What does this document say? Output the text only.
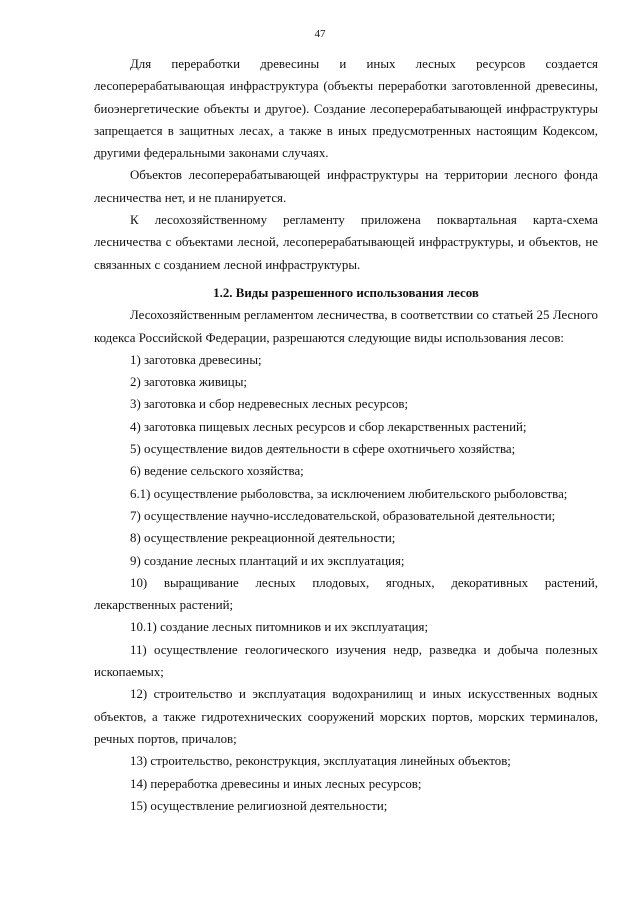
47

Для переработки древесины и иных лесных ресурсов создается лесоперерабатывающая инфраструктура (объекты переработки заготовленной древесины, биоэнергетические объекты и другое). Создание лесоперерабатывающей инфраструктуры запрещается в защитных лесах, а также в иных предусмотренных настоящим Кодексом, другими федеральными законами случаях.

Объектов лесоперерабатывающей инфраструктуры на территории лесного фонда лесничества нет, и не планируется.

К лесохозяйственному регламенту приложена поквартальная карта-схема лесничества с объектами лесной, лесоперерабатывающей инфраструктуры, и объектов, не связанных с созданием лесной инфраструктуры.

1.2. Виды разрешенного использования лесов

Лесохозяйственным регламентом лесничества, в соответствии со статьей 25 Лесного кодекса Российской Федерации, разрешаются следующие виды использования лесов:

1) заготовка древесины;

2) заготовка живицы;

3) заготовка и сбор недревесных лесных ресурсов;

4) заготовка пищевых лесных ресурсов и сбор лекарственных растений;

5) осуществление видов деятельности в сфере охотничьего хозяйства;

6) ведение сельского хозяйства;

6.1) осуществление рыболовства, за исключением любительского рыболовства;

7) осуществление научно-исследовательской, образовательной деятельности;

8) осуществление рекреационной деятельности;

9) создание лесных плантаций и их эксплуатация;

10) выращивание лесных плодовых, ягодных, декоративных растений, лекарственных растений;

10.1) создание лесных питомников и их эксплуатация;

11) осуществление геологического изучения недр, разведка и добыча полезных ископаемых;

12) строительство и эксплуатация водохранилищ и иных искусственных водных объектов, а также гидротехнических сооружений морских портов, морских терминалов, речных портов, причалов;

13) строительство, реконструкция, эксплуатация линейных объектов;

14) переработка древесины и иных лесных ресурсов;

15) осуществление религиозной деятельности;
